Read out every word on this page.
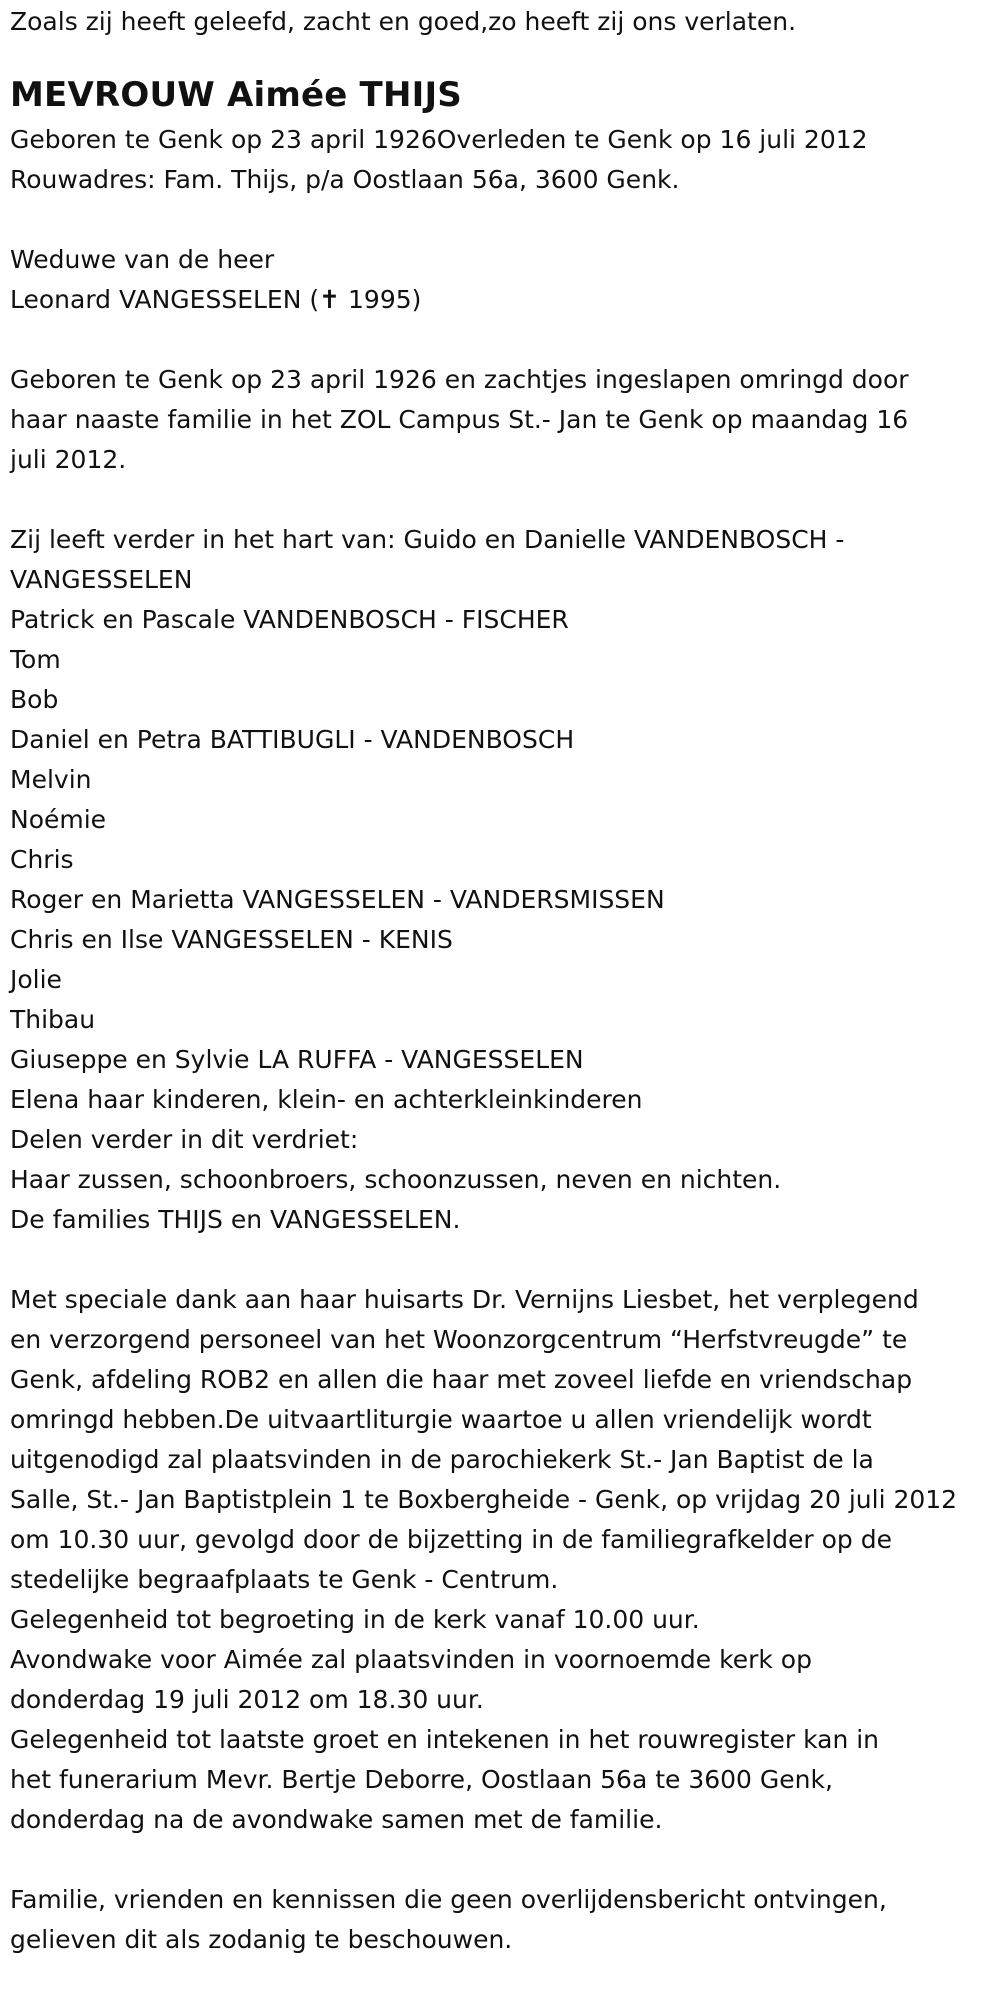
Zoals zij heeft geleefd, zacht en goed,zo heeft zij ons verlaten.

MEVROUW Aimée THIJS

Geboren te Genk op 23 april 1926Overleden te Genk op 16 juli 2012

Rouwadres: Fam. Thijs, p/a Oostlaan 56a, 3600 Genk.

Weduwe van de heer

Leonard VANGESSELEN (✝ 1995)

Geboren te Genk op 23 april 1926 en zachtjes ingeslapen omringd door

haar naaste familie in het ZOL Campus St.- Jan te Genk op maandag 16

juli 2012.

Zij leeft verder in het hart van: Guido en Danielle VANDENBOSCH -

VANGESSELEN

Patrick en Pascale VANDENBOSCH - FISCHER

Tom

Bob

Daniel en Petra BATTIBUGLI - VANDENBOSCH

Melvin

Noémie

Chris

Roger en Marietta VANGESSELEN - VANDERSMISSEN

Chris en Ilse VANGESSELEN - KENIS

Jolie

Thibau

Giuseppe en Sylvie LA RUFFA - VANGESSELEN

Elena haar kinderen, klein- en achterkleinkinderen

Delen verder in dit verdriet:

Haar zussen, schoonbroers, schoonzussen, neven en nichten.

De families THIJS en VANGESSELEN.

Met speciale dank aan haar huisarts Dr. Vernijns Liesbet, het verplegend

en verzorgend personeel van het Woonzorgcentrum “Herfstvreugde” te

Genk, afdeling ROB2 en allen die haar met zoveel liefde en vriendschap

omringd hebben.De uitvaartliturgie waartoe u allen vriendelijk wordt

uitgenodigd zal plaatsvinden in de parochiekerk St.- Jan Baptist de la

Salle, St.- Jan Baptistplein 1 te Boxbergheide - Genk, op vrijdag 20 juli 2012

om 10.30 uur, gevolgd door de bijzetting in de familiegrafkelder op de

stedelijke begraafplaats te Genk - Centrum.

Gelegenheid tot begroeting in de kerk vanaf 10.00 uur.

Avondwake voor Aimée zal plaatsvinden in voornoemde kerk op

donderdag 19 juli 2012 om 18.30 uur.

Gelegenheid tot laatste groet en intekenen in het rouwregister kan in

het funerarium Mevr. Bertje Deborre, Oostlaan 56a te 3600 Genk,

donderdag na de avondwake samen met de familie.

Familie, vrienden en kennissen die geen overlijdensbericht ontvingen,

gelieven dit als zodanig te beschouwen.
